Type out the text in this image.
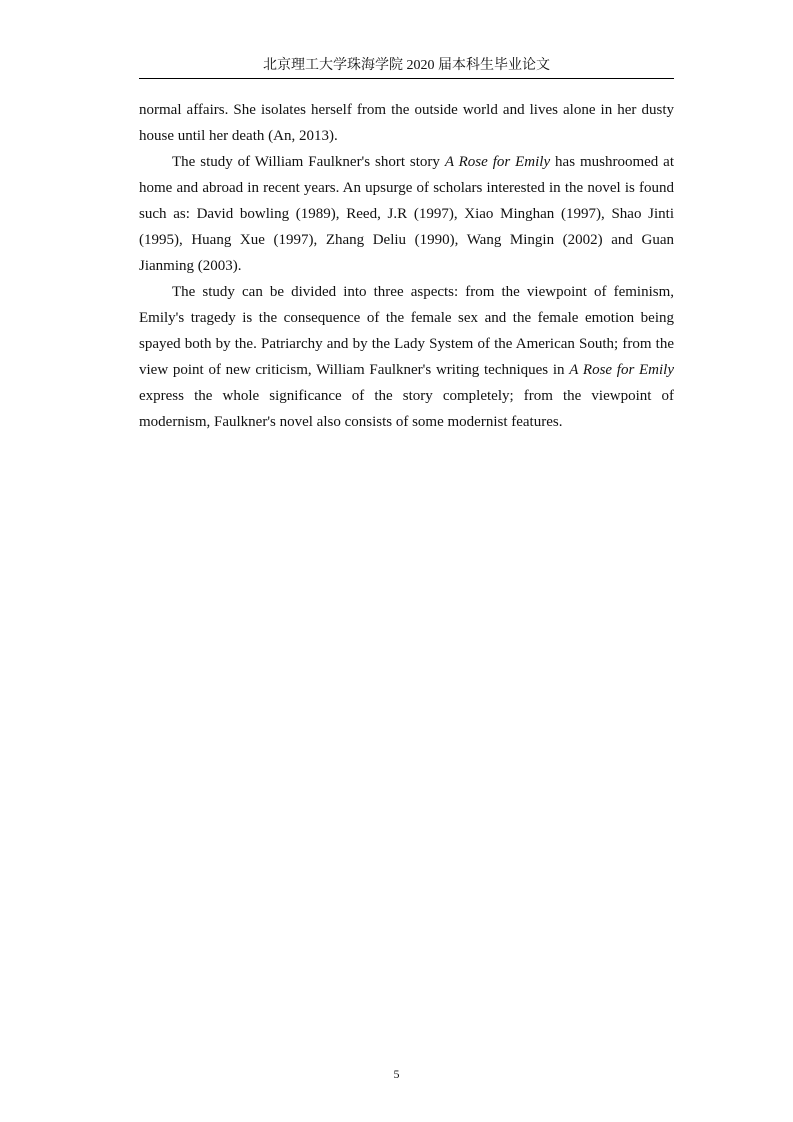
北京理工大学珠海学院 2020 届本科生毕业论文

normal affairs. She isolates herself from the outside world and lives alone in her dusty house until her death (An, 2013).

The study of William Faulkner's short story A Rose for Emily has mushroomed at home and abroad in recent years. An upsurge of scholars interested in the novel is found such as: David bowling (1989), Reed, J.R (1997), Xiao Minghan (1997), Shao Jinti (1995), Huang Xue (1997), Zhang Deliu (1990), Wang Mingin (2002) and Guan Jianming (2003).

The study can be divided into three aspects: from the viewpoint of feminism, Emily's tragedy is the consequence of the female sex and the female emotion being spayed both by the. Patriarchy and by the Lady System of the American South; from the view point of new criticism, William Faulkner's writing techniques in A Rose for Emily express the whole significance of the story completely; from the viewpoint of modernism, Faulkner's novel also consists of some modernist features.

5
